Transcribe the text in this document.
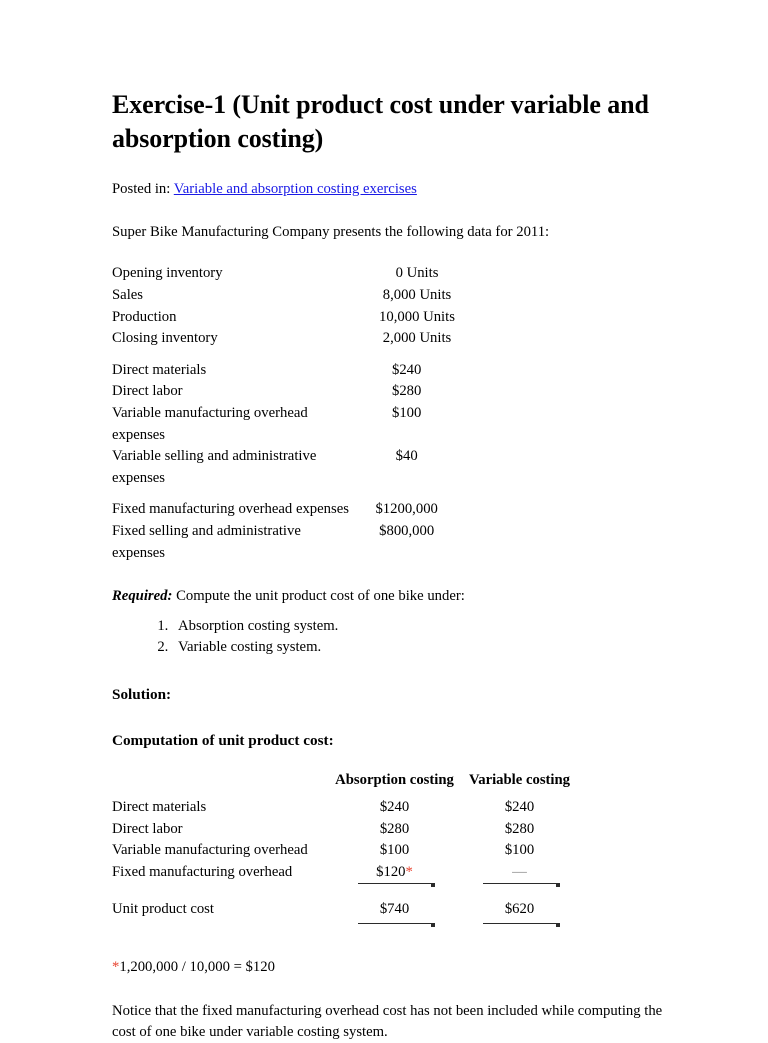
Exercise-1 (Unit product cost under variable and absorption costing)

Posted in: Variable and absorption costing exercises

Super Bike Manufacturing Company presents the following data for 2011:

Opening inventory	0 Units	
Sales	8,000 Units	
Production	10,000 Units	
Closing inventory	2,000 Units	
Direct materials	$240	
Direct labor	$280	
Variable manufacturing overhead expenses	$100	
Variable selling and administrative expenses	$40	
Fixed manufacturing overhead expenses	$1200,000	
Fixed selling and administrative expenses	$800,000	

Required: Compute the unit product cost of one bike under:

1. Absorption costing system.
2. Variable costing system.
Solution:
Computation of unit product cost:
	Absorption costing	Variable costing	
Direct materials	$240	$240	
Direct labor	$280	$280	
Variable manufacturing overhead	$100	$100	
Fixed manufacturing overhead	$120*	—	

Unit product cost	$740	$620	

*1,200,000 / 10,000 = $120

Notice that the fixed manufacturing overhead cost has not been included while computing the cost of one bike under variable costing system.
